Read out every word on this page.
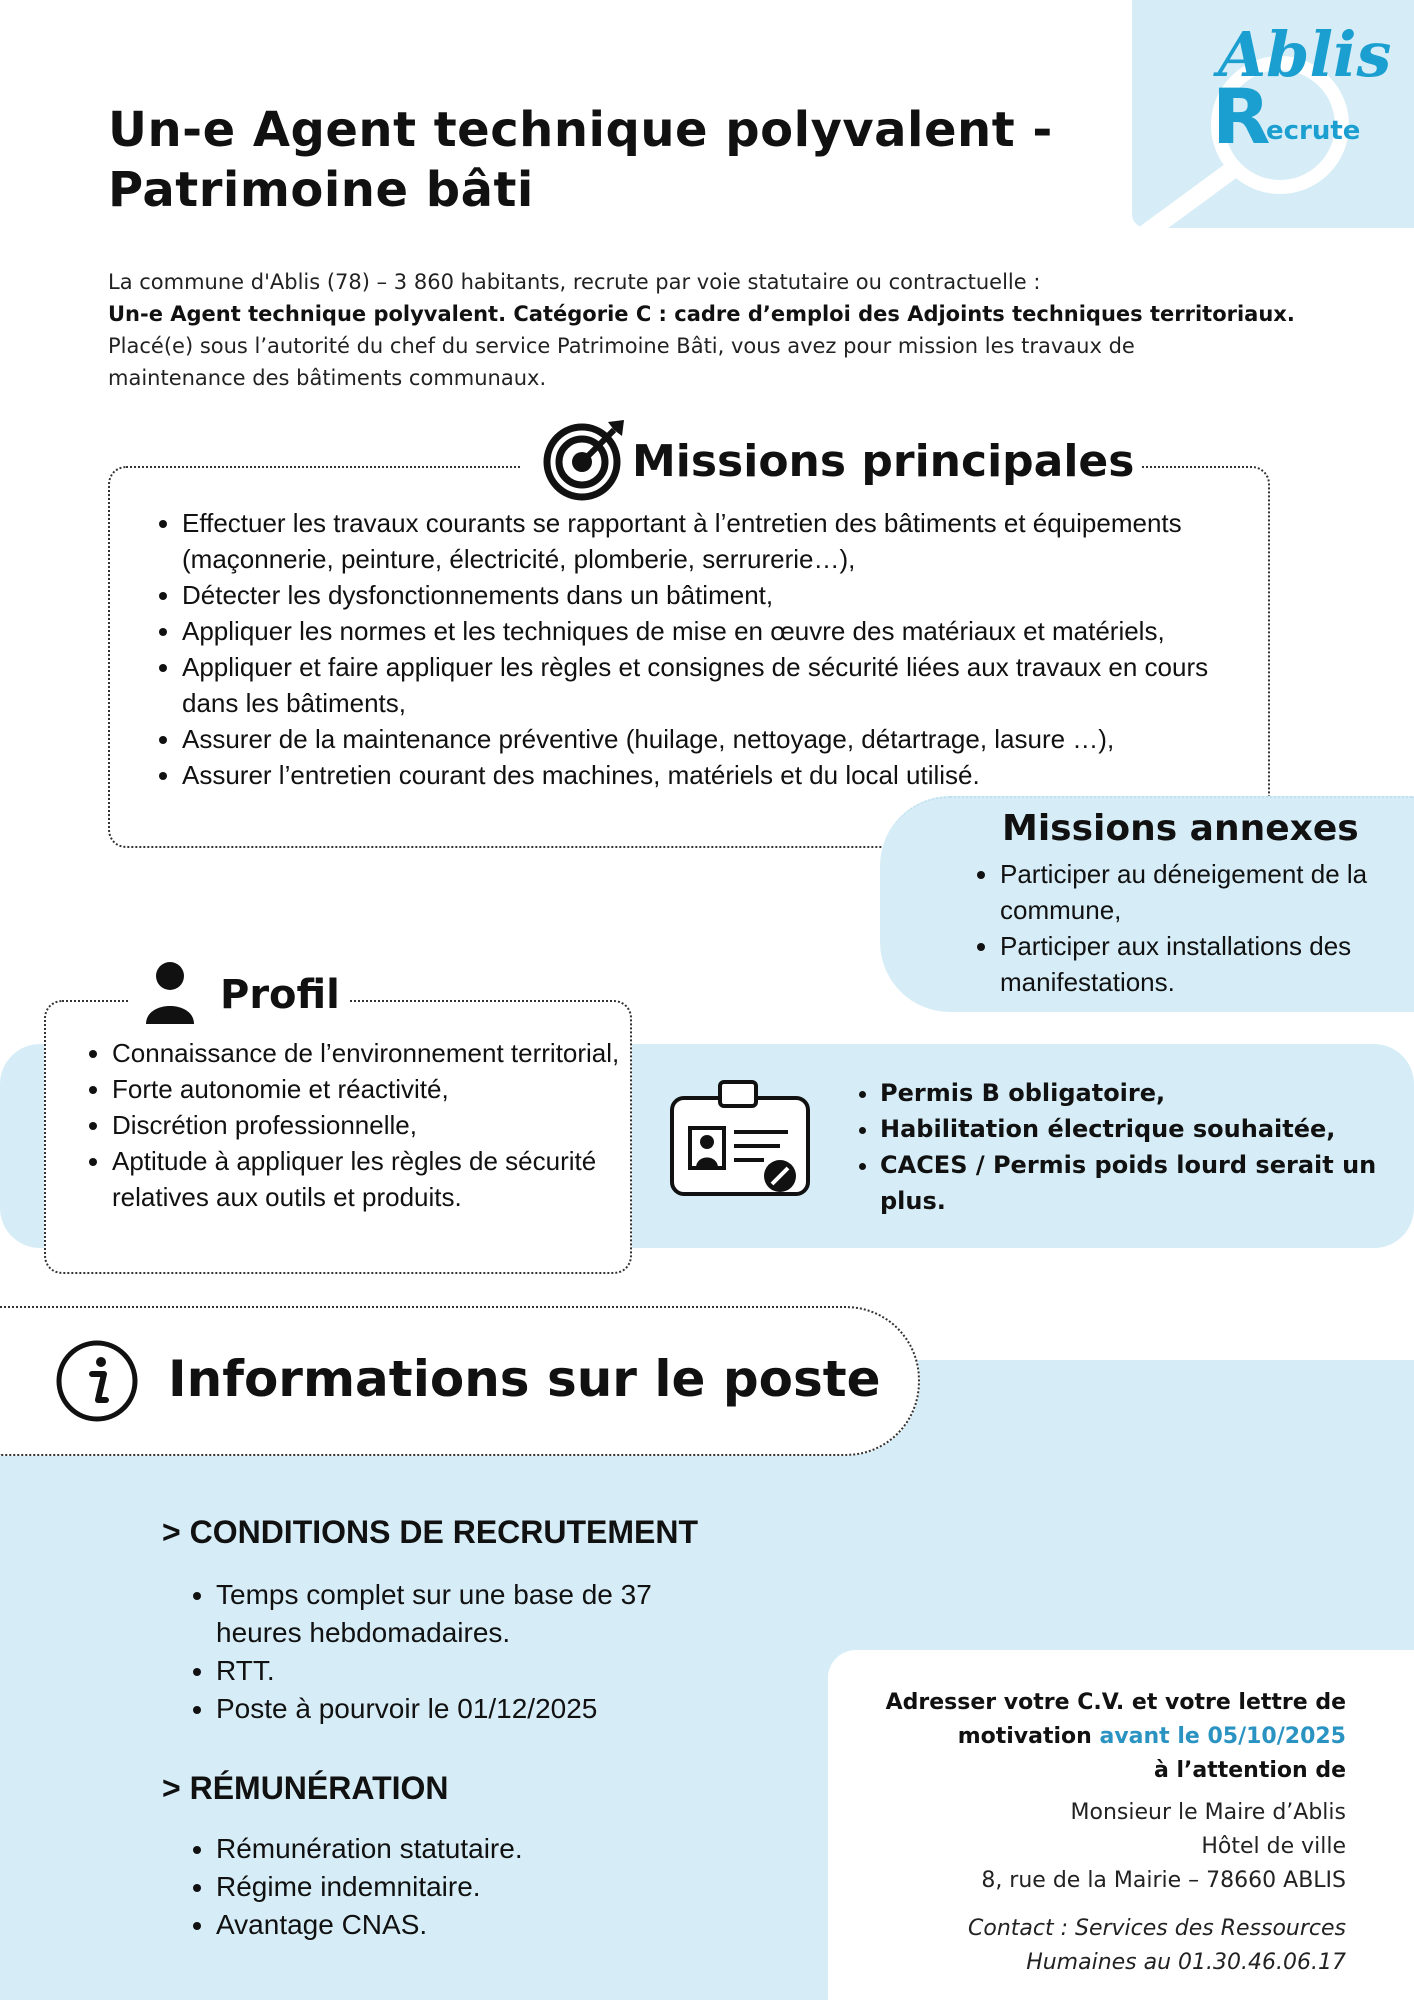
Ablis
R
ecrute
Un-e Agent technique polyvalent - Patrimoine bâti
La commune d'Ablis (78) – 3 860 habitants, recrute par voie statutaire ou contractuelle :
Un-e Agent technique polyvalent. Catégorie C : cadre d’emploi des Adjoints techniques territoriaux.
Placé(e) sous l’autorité du chef du service Patrimoine Bâti, vous avez pour mission les travaux de maintenance des bâtiments communaux.
Missions principales
• Effectuer les travaux courants se rapportant à l’entretien des bâtiments et équipements (maçonnerie, peinture, électricité, plomberie, serrurerie…),
• Détecter les dysfonctionnements dans un bâtiment,
• Appliquer les normes et les techniques de mise en œuvre des matériaux et matériels,
• Appliquer et faire appliquer les règles et consignes de sécurité liées aux travaux en cours dans les bâtiments,
• Assurer de la maintenance préventive (huilage, nettoyage, détartrage, lasure …),
• Assurer l’entretien courant des machines, matériels et du local utilisé.
Missions annexes
• Participer au déneigement de la commune,
• Participer aux installations des manifestations.
Profil
• Connaissance de l’environnement territorial,
• Forte autonomie et réactivité,
• Discrétion professionnelle,
• Aptitude à appliquer les règles de sécurité relatives aux outils et produits.
• Permis B obligatoire,
• Habilitation électrique souhaitée,
• CACES / Permis poids lourd serait un plus.
Informations sur le poste
> CONDITIONS DE RECRUTEMENT
• Temps complet sur une base de 37 heures hebdomadaires.
• RTT.
• Poste à pourvoir le 01/12/2025
> RÉMUNÉRATION
• Rémunération statutaire.
• Régime indemnitaire.
• Avantage CNAS.
Adresser votre C.V. et votre lettre de
motivation avant le 05/10/2025
à l’attention de
Monsieur le Maire d’Ablis
Hôtel de ville
8, rue de la Mairie – 78660 ABLIS
Contact : Services des Ressources
Humaines au 01.30.46.06.17
